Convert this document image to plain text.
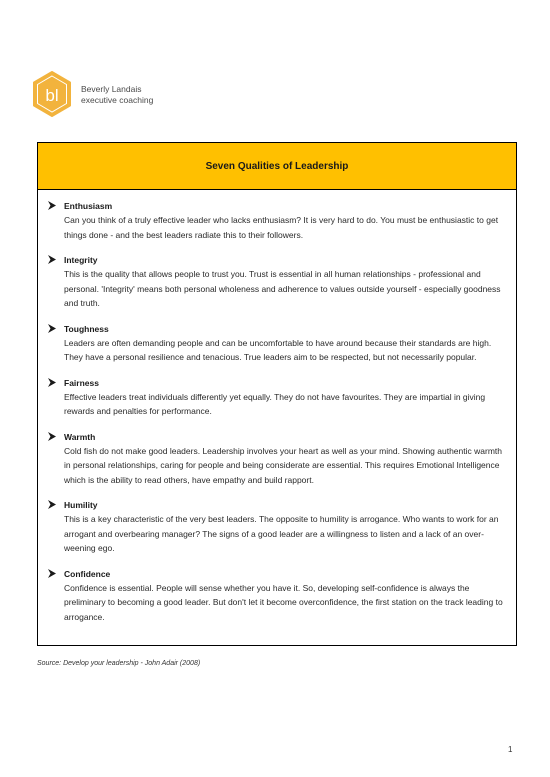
bl	Beverly Landais
executive coaching
Seven Qualities of Leadership
Enthusiasm
Can you think of a truly effective leader who lacks enthusiasm? It is very hard to do. You must be enthusiastic to get things done - and the best leaders radiate this to their followers.
Integrity
This is the quality that allows people to trust you. Trust is essential in all human relationships - professional and personal. 'Integrity' means both personal wholeness and adherence to values outside yourself - especially goodness and truth.
Toughness
Leaders are often demanding people and can be uncomfortable to have around because their standards are high. They have a personal resilience and tenacious. True leaders aim to be respected, but not necessarily popular.
Fairness
Effective leaders treat individuals differently yet equally. They do not have favourites. They are impartial in giving rewards and penalties for performance.
Warmth
Cold fish do not make good leaders. Leadership involves your heart as well as your mind. Showing authentic warmth in personal relationships, caring for people and being considerate are essential. This requires Emotional Intelligence which is the ability to read others, have empathy and build rapport.
Humility
This is a key characteristic of the very best leaders. The opposite to humility is arrogance. Who wants to work for an arrogant and overbearing manager? The signs of a good leader are a willingness to listen and a lack of an over-weening ego.
Confidence
Confidence is essential. People will sense whether you have it. So, developing self-confidence is always the preliminary to becoming a good leader. But don't let it become overconfidence, the first station on the track leading to arrogance.
Source: Develop your leadership - John Adair (2008)
1
